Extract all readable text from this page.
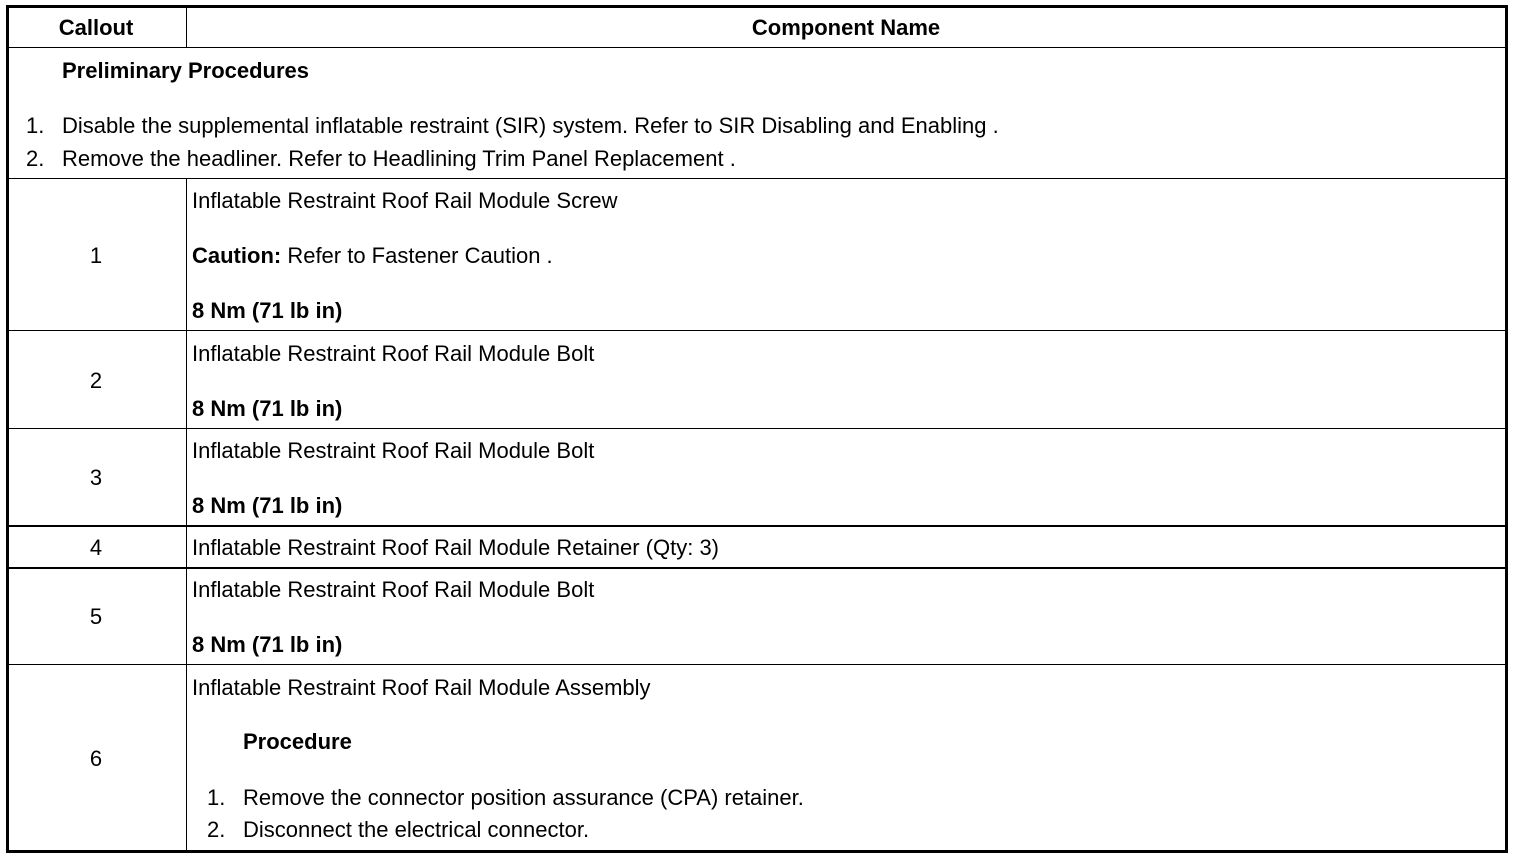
Callout	Component Name
Preliminary Procedures
1. Disable the supplemental inflatable restraint (SIR) system. Refer to SIR Disabling and Enabling .
2. Remove the headliner. Refer to Headlining Trim Panel Replacement .
1
Inflatable Restraint Roof Rail Module Screw
Caution: Refer to Fastener Caution .
8 Nm (71 lb in)
2
Inflatable Restraint Roof Rail Module Bolt
8 Nm (71 lb in)
3
Inflatable Restraint Roof Rail Module Bolt
8 Nm (71 lb in)
4	Inflatable Restraint Roof Rail Module Retainer (Qty: 3)
5
Inflatable Restraint Roof Rail Module Bolt
8 Nm (71 lb in)
6
Inflatable Restraint Roof Rail Module Assembly
Procedure
1. Remove the connector position assurance (CPA) retainer.
2. Disconnect the electrical connector.
